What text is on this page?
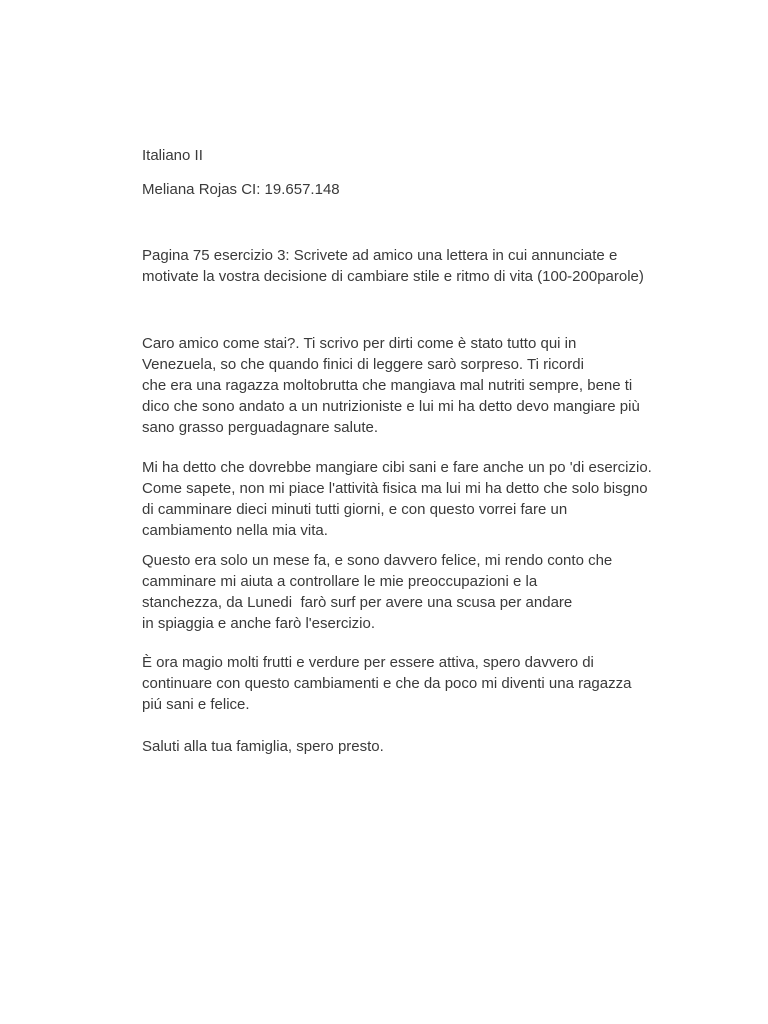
Italiano II

Meliana Rojas CI: 19.657.148

Pagina 75 esercizio 3: Scrivete ad amico una lettera in cui annunciate e
motivate la vostra decisione di cambiare stile e ritmo di vita (100-200parole)

Caro amico come stai?. Ti scrivo per dirti come è stato tutto qui in
Venezuela, so che quando finici di leggere sarò sorpreso. Ti ricordi
che era una ragazza moltobrutta che mangiava mal nutriti sempre, bene ti
dico che sono andato a un nutrizioniste e lui mi ha detto devo mangiare più
sano grasso perguadagnare salute.

Mi ha detto che dovrebbe mangiare cibi sani e fare anche un po 'di esercizio.
Come sapete, non mi piace l'attività fisica ma lui mi ha detto che solo bisgno
di camminare dieci minuti tutti giorni, e con questo vorrei fare un
cambiamento nella mia vita.

Questo era solo un mese fa, e sono davvero felice, mi rendo conto che
camminare mi aiuta a controllare le mie preoccupazioni e la
stanchezza, da Lunedi  farò surf per avere una scusa per andare
in spiaggia e anche farò l'esercizio.

È ora magio molti frutti e verdure per essere attiva, spero davvero di
continuare con questo cambiamenti e che da poco mi diventi una ragazza
piú sani e felice.

Saluti alla tua famiglia, spero presto.
